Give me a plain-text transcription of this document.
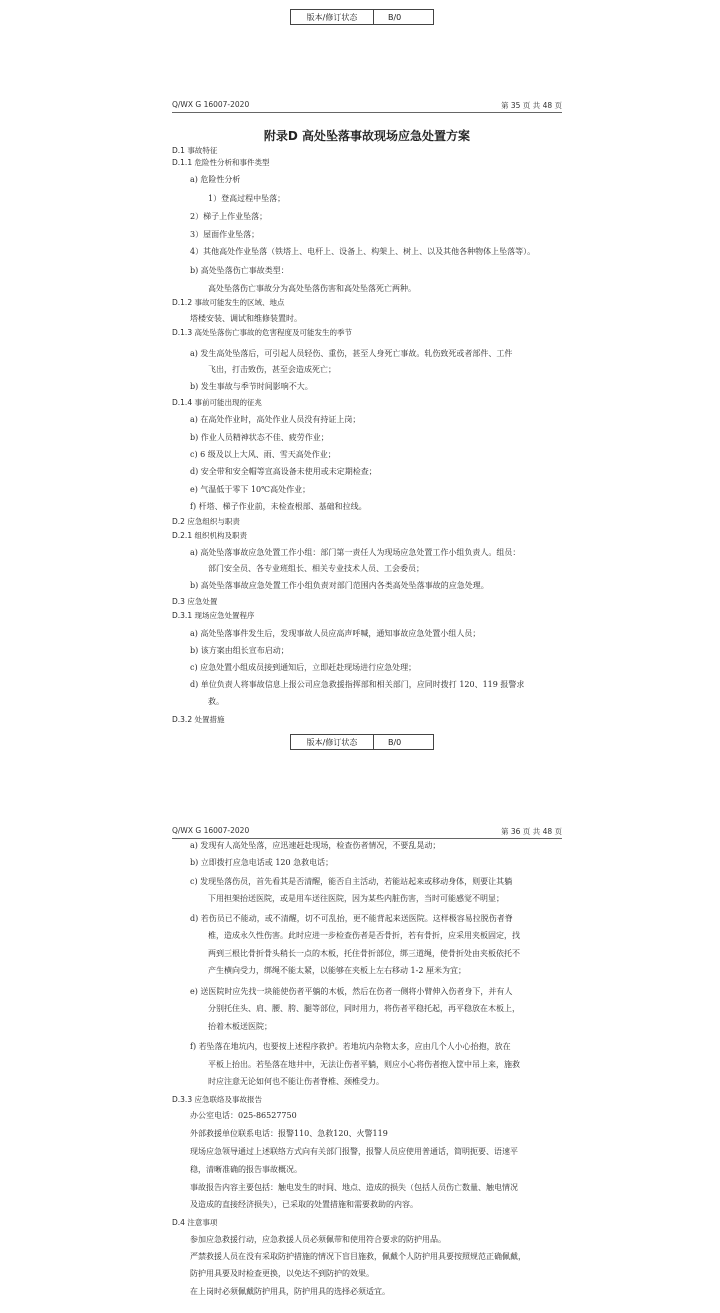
版本/修订状态	B/0
Q/WX G 16007-2020	第 35 页 共 48 页
附录D 高处坠落事故现场应急处置方案
D.1 事故特征
D.1.1 危险性分析和事件类型
a) 危险性分析
1）登高过程中坠落；
2）梯子上作业坠落；
3）屋面作业坠落；
4）其他高处作业坠落（铁塔上、电杆上、设备上、构架上、树上、以及其他各种物体上坠落等）。
b) 高处坠落伤亡事故类型：
高处坠落伤亡事故分为高处坠落伤害和高处坠落死亡两种。
D.1.2 事故可能发生的区域、地点
塔楼安装、调试和维修装置时。
D.1.3 高处坠落伤亡事故的危害程度及可能发生的季节
a) 发生高处坠落后，可引起人员轻伤、重伤，甚至人身死亡事故。轧伤致死或者部件、工件
飞出，打击致伤，甚至会造成死亡；
b) 发生事故与季节时间影响不大。
D.1.4 事前可能出现的征兆
a) 在高处作业时，高处作业人员没有持证上岗；
b) 作业人员精神状态不佳、疲劳作业；
c) 6 级及以上大风、雨、雪天高处作业；
d) 安全带和安全帽等宣高设备未使用或未定期检查；
e) 气温低于零下 10℃高处作业；
f) 杆塔、梯子作业前，未检查根部、基础和拉线。
D.2 应急组织与职责
D.2.1 组织机构及职责
a) 高处坠落事故应急处置工作小组：部门第一责任人为现场应急处置工作小组负责人。组员：
部门安全员、各专业班组长、相关专业技术人员、工会委员；
b) 高处坠落事故应急处置工作小组负责对部门范围内各类高处坠落事故的应急处理。
D.3 应急处置
D.3.1 现场应急处置程序
a) 高处坠落事件发生后，发现事故人员应高声呼喊，通知事故应急处置小组人员；
b) 该方案由组长宣布启动；
c) 应急处置小组成员接到通知后，立即赶赴现场进行应急处理；
d) 单位负责人将事故信息上报公司应急救援指挥部和相关部门，应同时拨打 120、119 报警求
救。
D.3.2 处置措施
版本/修订状态	B/0
Q/WX G 16007-2020	第 36 页 共 48 页
a) 发现有人高处坠落，应迅速赶赴现场，检查伤者情况，不要乱晃动；
b) 立即拨打应急电话或 120 急救电话；
c) 发现坠落伤员，首先看其是否清醒，能否自主活动，若能站起来或移动身体，则要让其躺
下用担架抬送医院，或是用车送往医院，因为某些内脏伤害，当时可能感觉不明显；
d) 若伤员已不能动，或不清醒，切不可乱抬，更不能背起来送医院。这样极容易拉脱伤者脊
椎，造成永久性伤害。此时应进一步检查伤者是否骨折，若有骨折，应采用夹板固定，找
两到三根比骨折骨头稍长一点的木板，托住骨折部位，绑三道绳，使骨折处由夹板依托不
产生横向受力，绑绳不能太紧，以能够在夹板上左右移动 1-2 厘米为宜；
e) 送医院时应先找一块能使伤者平躺的木板，然后在伤者一侧将小臂伸入伤者身下，并有人
分别托住头、肩、腰、胯、腿等部位，同时用力，将伤者平稳托起，再平稳放在木板上，
抬着木板送医院；
f) 若坠落在地坑内，也要按上述程序救护。若地坑内杂物太多，应由几个人小心抬抱，放在
平板上抬出。若坠落在地井中，无法让伤者平躺，则应小心将伤者抱入筐中吊上来，施救
时应注意无论如何也不能让伤者脊椎、颈椎受力。
D.3.3 应急联络及事故报告
办公室电话：025-86527750
外部救援单位联系电话：报警110、急救120、火警119
现场应急领导通过上述联络方式向有关部门报警，报警人员应使用普通话，简明扼要、语速平
稳，清晰准确的报告事故概况。
事故报告内容主要包括：触电发生的时间、地点、造成的损失（包括人员伤亡数量、触电情况
及造成的直接经济损失），已采取的处置措施和需要救助的内容。
D.4 注意事项
参加应急救援行动，应急救援人员必须佩带和使用符合要求的防护用品。
严禁救援人员在没有采取防护措施的情况下盲目施救，佩戴个人防护用具要按照规范正确佩戴，
防护用具要及时检查更换，以免达不到防护的效果。
在上岗时必须佩戴防护用具，防护用具的选择必须适宜。
